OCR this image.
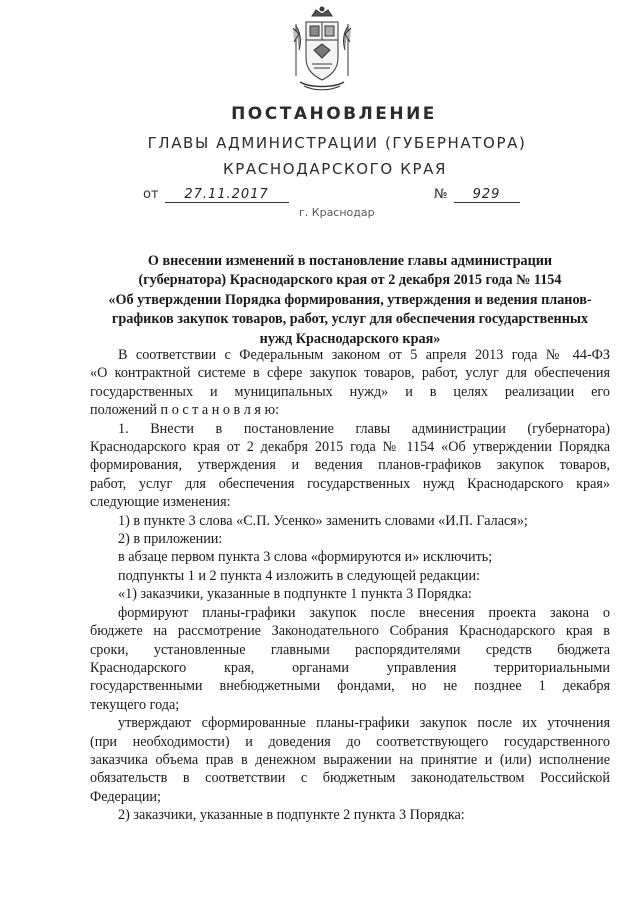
ПОСТАНОВЛЕНИЕ
ГЛАВЫ АДМИНИСТРАЦИИ (ГУБЕРНАТОРА)
КРАСНОДАРСКОГО КРАЯ
от 27.11.2017	№ 929
г. Краснодар
О внесении изменений в постановление главы администрации
(губернатора) Краснодарского края от 2 декабря 2015 года № 1154
«Об утверждении Порядка формирования, утверждения и ведения планов-
графиков закупок товаров, работ, услуг для обеспечения государственных
нужд Краснодарского края»
В соответствии с Федеральным законом от 5 апреля 2013 года № 44-ФЗ
«О контрактной системе в сфере закупок товаров, работ, услуг для обеспечения
государственных и муниципальных нужд» и в целях реализации его
положений п о с т а н о в л я ю:
1. Внести в постановление главы администрации (губернатора)
Краснодарского края от 2 декабря 2015 года № 1154 «Об утверждении Порядка
формирования, утверждения и ведения планов-графиков закупок товаров,
работ, услуг для обеспечения государственных нужд Краснодарского края»
следующие изменения:
1) в пункте 3 слова «С.П. Усенко» заменить словами «И.П. Галася»;
2) в приложении:
в абзаце первом пункта 3 слова «формируются и» исключить;
подпункты 1 и 2 пункта 4 изложить в следующей редакции:
«1) заказчики, указанные в подпункте 1 пункта 3 Порядка:
формируют планы-графики закупок после внесения проекта закона о
бюджете на рассмотрение Законодательного Собрания Краснодарского края в
сроки, установленные главными распорядителями средств бюджета
Краснодарского края, органами управления территориальными
государственными внебюджетными фондами, но не позднее 1 декабря
текущего года;
утверждают сформированные планы-графики закупок после их уточнения
(при необходимости) и доведения до соответствующего государственного
заказчика объема прав в денежном выражении на принятие и (или) исполнение
обязательств в соответствии с бюджетным законодательством Российской
Федерации;
2) заказчики, указанные в подпункте 2 пункта 3 Порядка:
